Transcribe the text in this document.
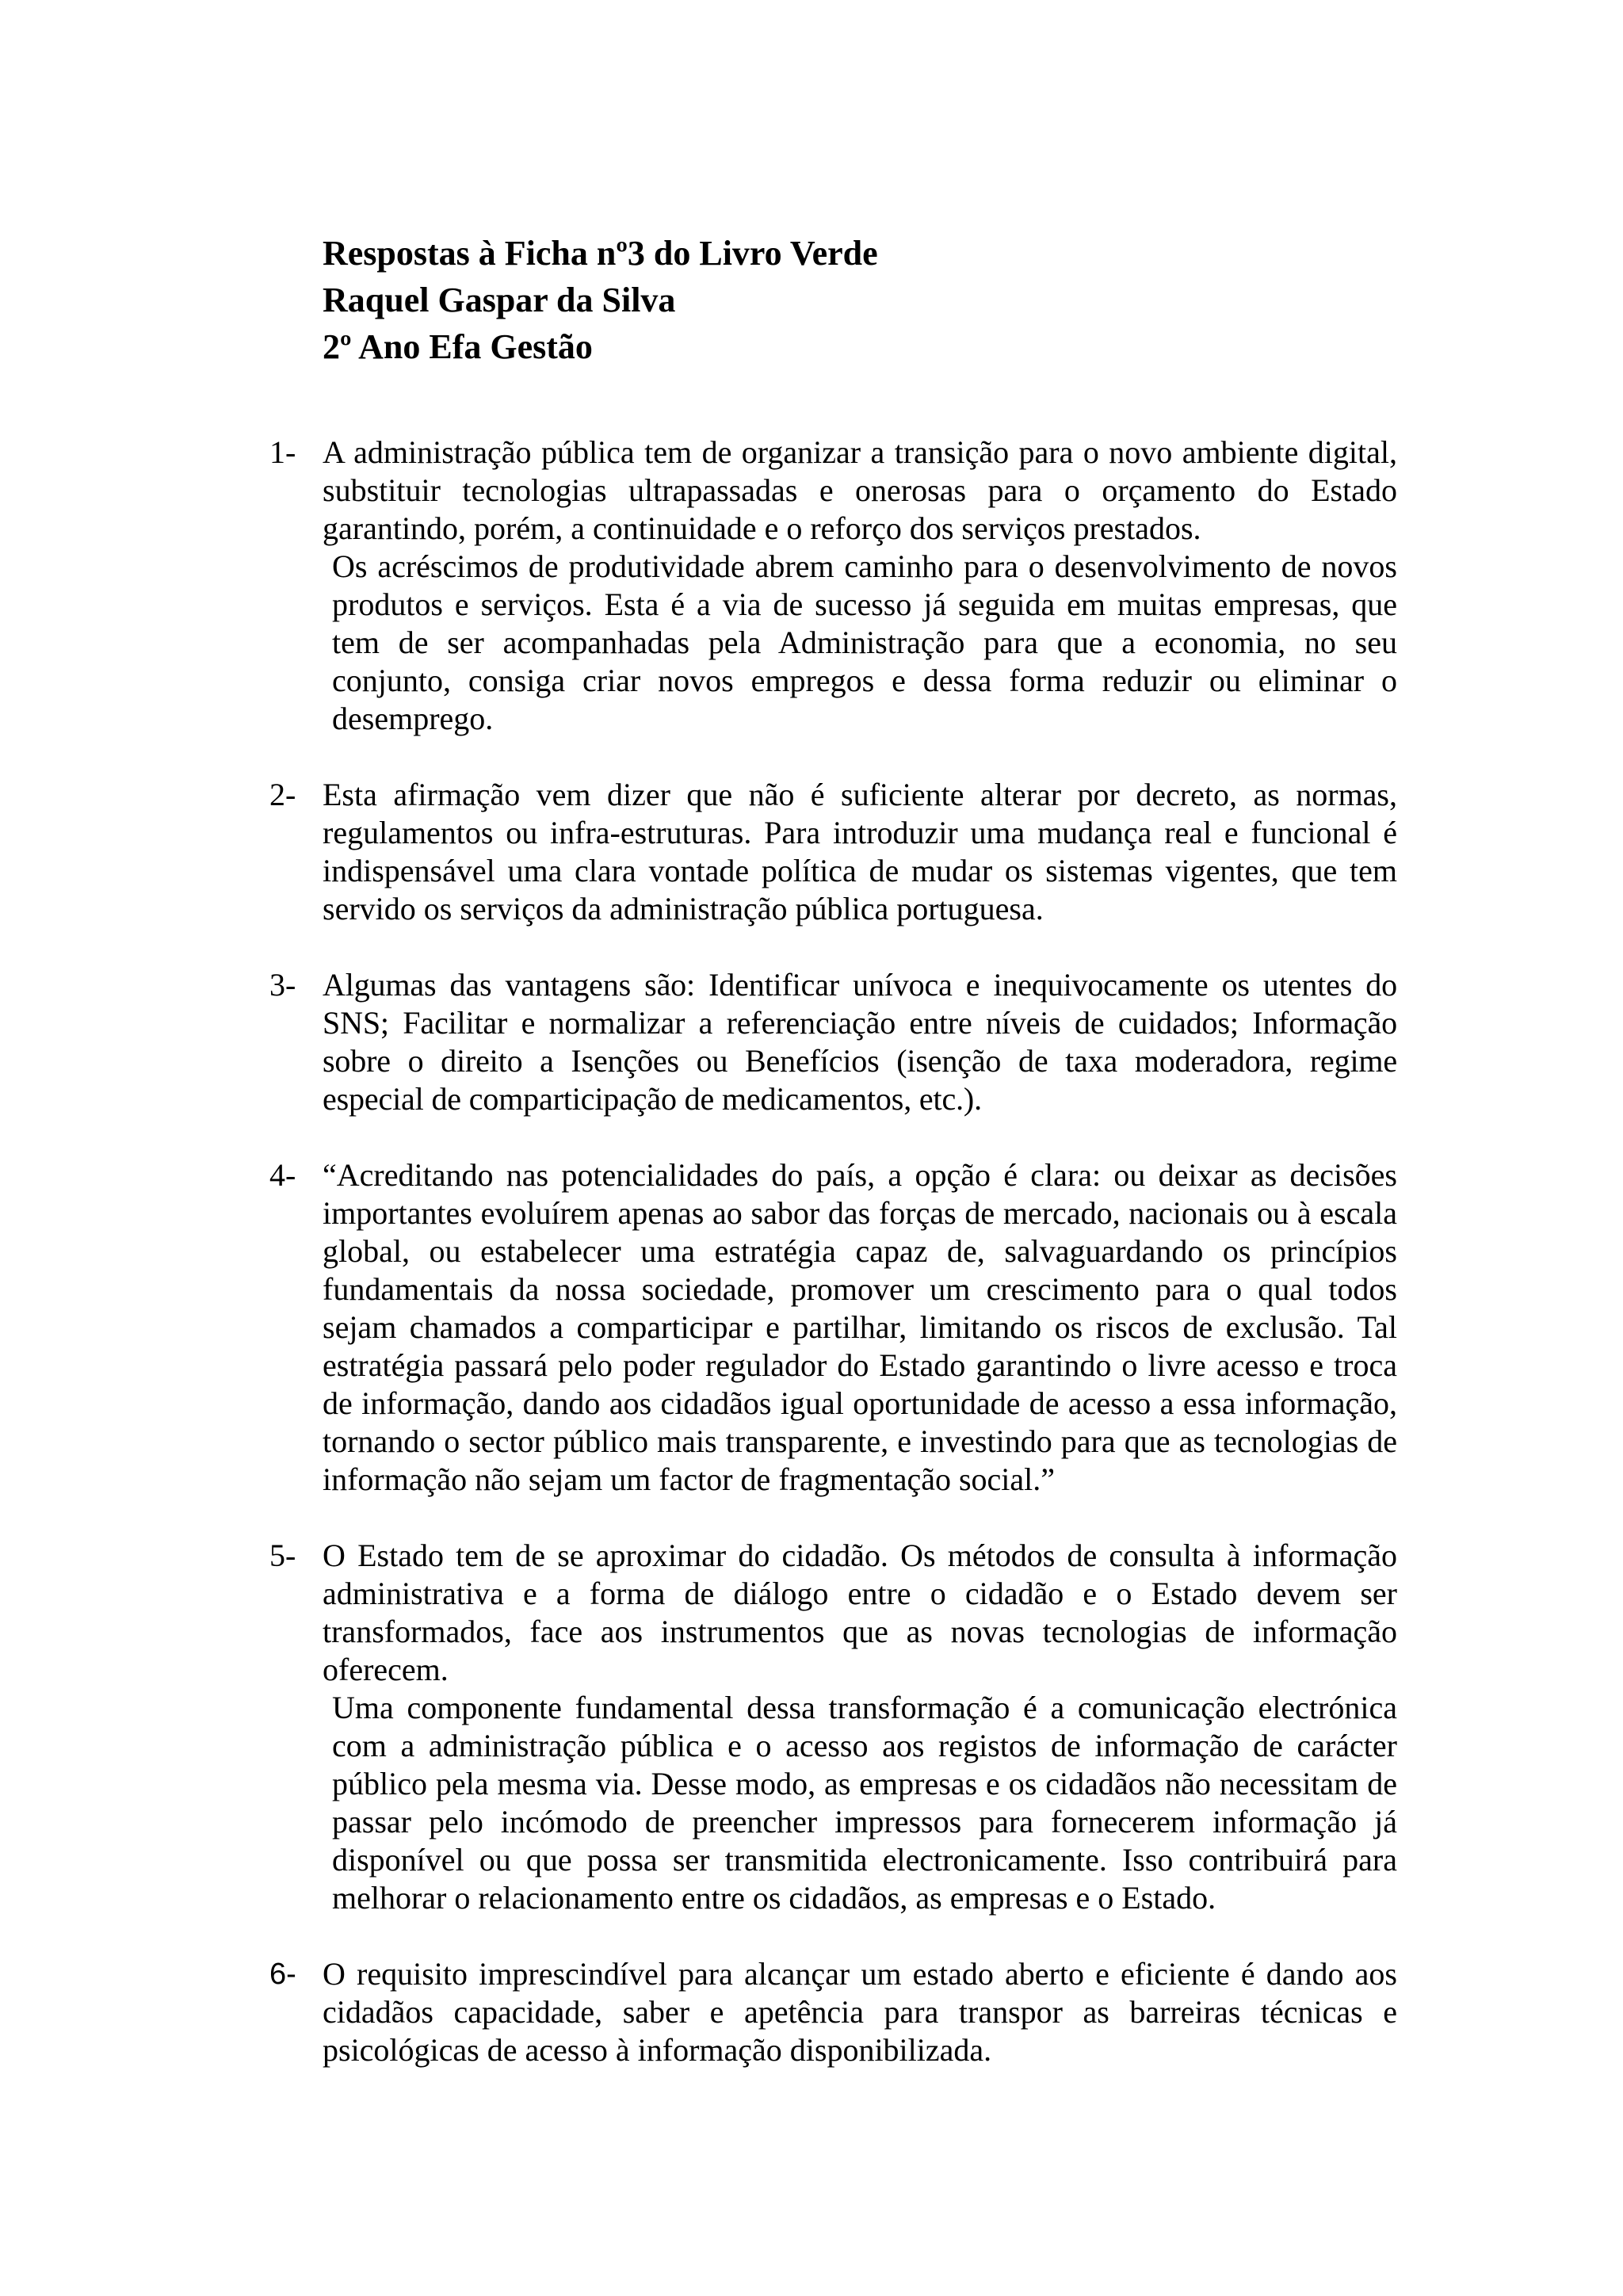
Respostas à Ficha nº3 do Livro Verde
Raquel Gaspar da Silva
2º Ano Efa Gestão
1- A administração pública tem de organizar a transição para o novo ambiente digital, substituir tecnologias ultrapassadas e onerosas para o orçamento do Estado garantindo, porém, a continuidade e o reforço dos serviços prestados.

Os acréscimos de produtividade abrem caminho para o desenvolvimento de novos produtos e serviços. Esta é a via de sucesso já seguida em muitas empresas, que tem de ser acompanhadas pela Administração para que a economia, no seu conjunto, consiga criar novos empregos e dessa forma reduzir ou eliminar o desemprego.

2- Esta afirmação vem dizer que não é suficiente alterar por decreto, as normas, regulamentos ou infra-estruturas. Para introduzir uma mudança real e funcional é indispensável uma clara vontade política de mudar os sistemas vigentes, que tem servido os serviços da administração pública portuguesa.

3- Algumas das vantagens são: Identificar unívoca e inequivocamente os utentes do SNS; Facilitar e normalizar a referenciação entre níveis de cuidados; Informação sobre o direito a Isenções ou Benefícios (isenção de taxa moderadora, regime especial de comparticipação de medicamentos, etc.).

4- “Acreditando nas potencialidades do país, a opção é clara: ou deixar as decisões importantes evoluírem apenas ao sabor das forças de mercado, nacionais ou à escala global, ou estabelecer uma estratégia capaz de, salvaguardando os princípios fundamentais da nossa sociedade, promover um crescimento para o qual todos sejam chamados a comparticipar e partilhar, limitando os riscos de exclusão. Tal estratégia passará pelo poder regulador do Estado garantindo o livre acesso e troca de informação, dando aos cidadãos igual oportunidade de acesso a essa informação, tornando o sector público mais transparente, e investindo para que as tecnologias de informação não sejam um factor de fragmentação social.”

5- O Estado tem de se aproximar do cidadão. Os métodos de consulta à informação administrativa e a forma de diálogo entre o cidadão e o Estado devem ser transformados, face aos instrumentos que as novas tecnologias de informação oferecem.

Uma componente fundamental dessa transformação é a comunicação electrónica com a administração pública e o acesso aos registos de informação de carácter público pela mesma via. Desse modo, as empresas e os cidadãos não necessitam de passar pelo incómodo de preencher impressos para fornecerem informação já disponível ou que possa ser transmitida electronicamente. Isso contribuirá para melhorar o relacionamento entre os cidadãos, as empresas e o Estado.

6- O requisito imprescindível para alcançar um estado aberto e eficiente é dando aos cidadãos capacidade, saber e apetência para transpor as barreiras técnicas e psicológicas de acesso à informação disponibilizada.
